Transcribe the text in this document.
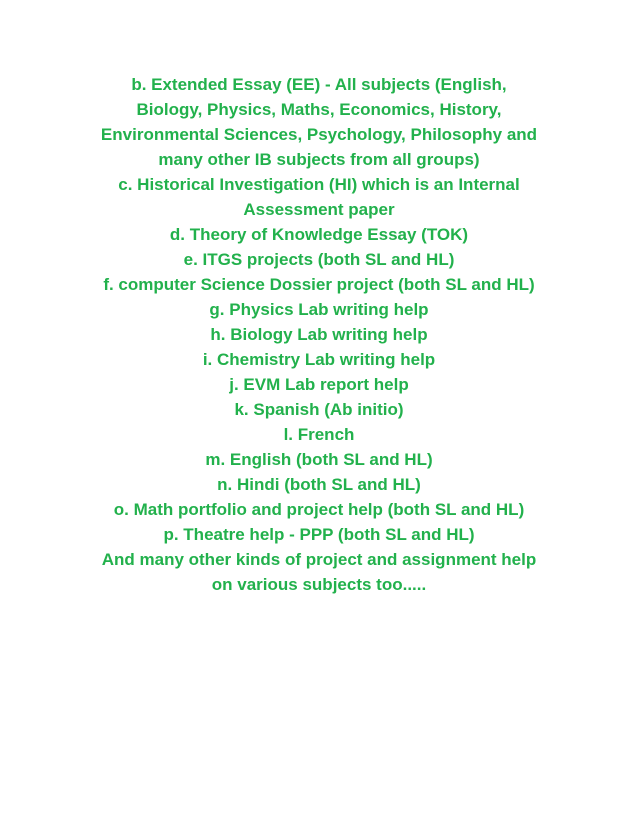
b. Extended Essay (EE) - All subjects (English,
Biology, Physics, Maths, Economics, History,
Environmental Sciences, Psychology, Philosophy and
many other IB subjects from all groups)
c. Historical Investigation (HI) which is an Internal
Assessment paper
d. Theory of Knowledge Essay (TOK)
e. ITGS projects (both SL and HL)
f. computer Science Dossier project (both SL and HL)
g. Physics Lab writing help
h. Biology Lab writing help
i. Chemistry Lab writing help
j. EVM Lab report help
k. Spanish (Ab initio)
l. French
m. English (both SL and HL)
n. Hindi (both SL and HL)
o. Math portfolio and project help (both SL and HL)
p. Theatre help - PPP (both SL and HL)
And many other kinds of project and assignment help
on various subjects too.....
